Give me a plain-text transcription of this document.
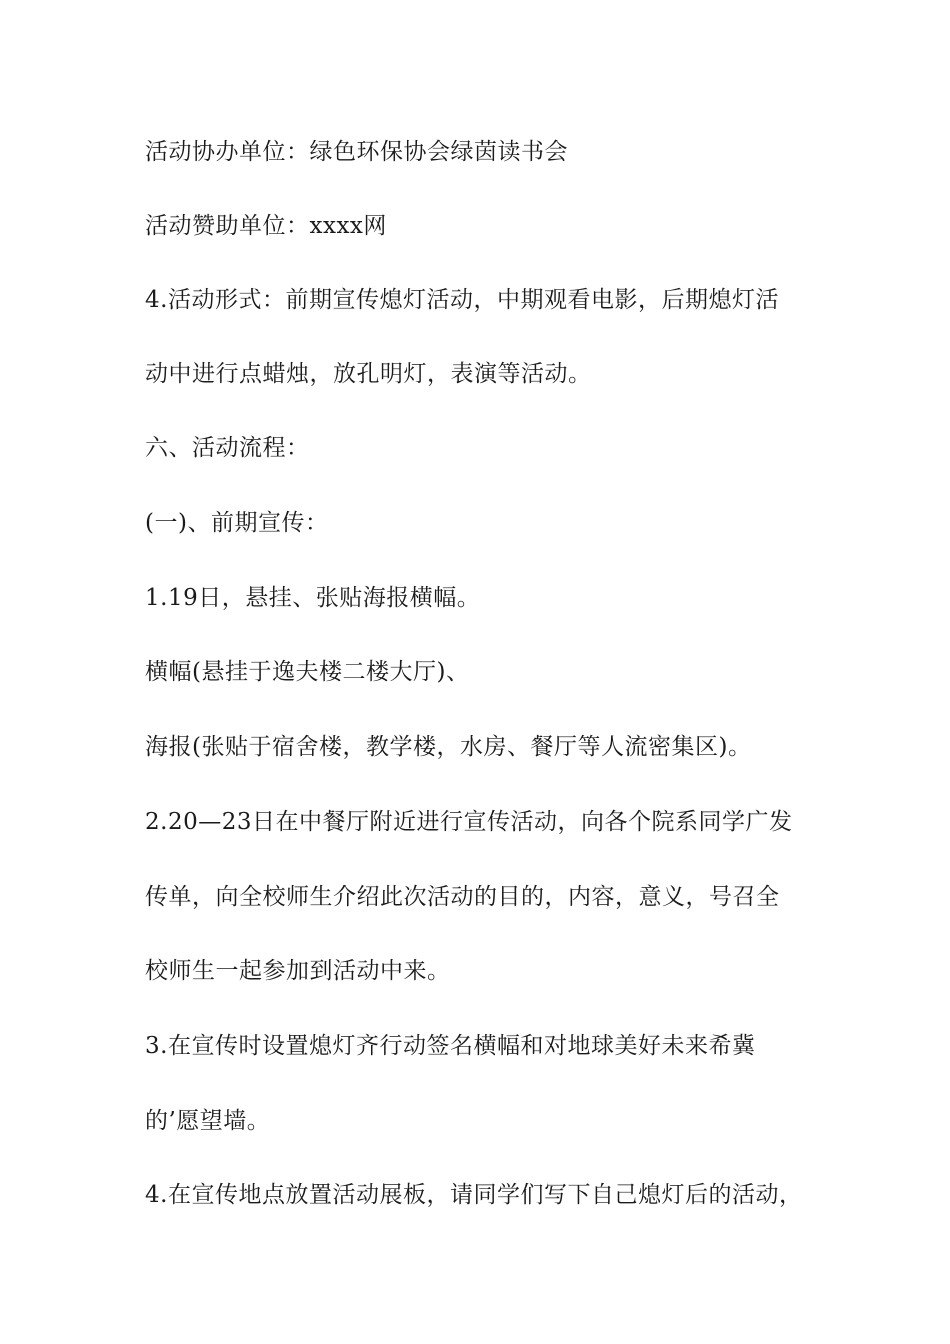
活动协办单位：绿色环保协会绿茵读书会
活动赞助单位：xxxx网
4.活动形式：前期宣传熄灯活动，中期观看电影，后期熄灯活
动中进行点蜡烛，放孔明灯，表演等活动。
六、活动流程：
(一)、前期宣传：
1.19日，悬挂、张贴海报横幅。
横幅(悬挂于逸夫楼二楼大厅)、
海报(张贴于宿舍楼，教学楼，水房、餐厅等人流密集区)。
2.20—23日在中餐厅附近进行宣传活动，向各个院系同学广发
传单，向全校师生介绍此次活动的目的，内容，意义，号召全
校师生一起参加到活动中来。
3.在宣传时设置熄灯齐行动签名横幅和对地球美好未来希冀
的’愿望墙。
4.在宣传地点放置活动展板，请同学们写下自己熄灯后的活动，
